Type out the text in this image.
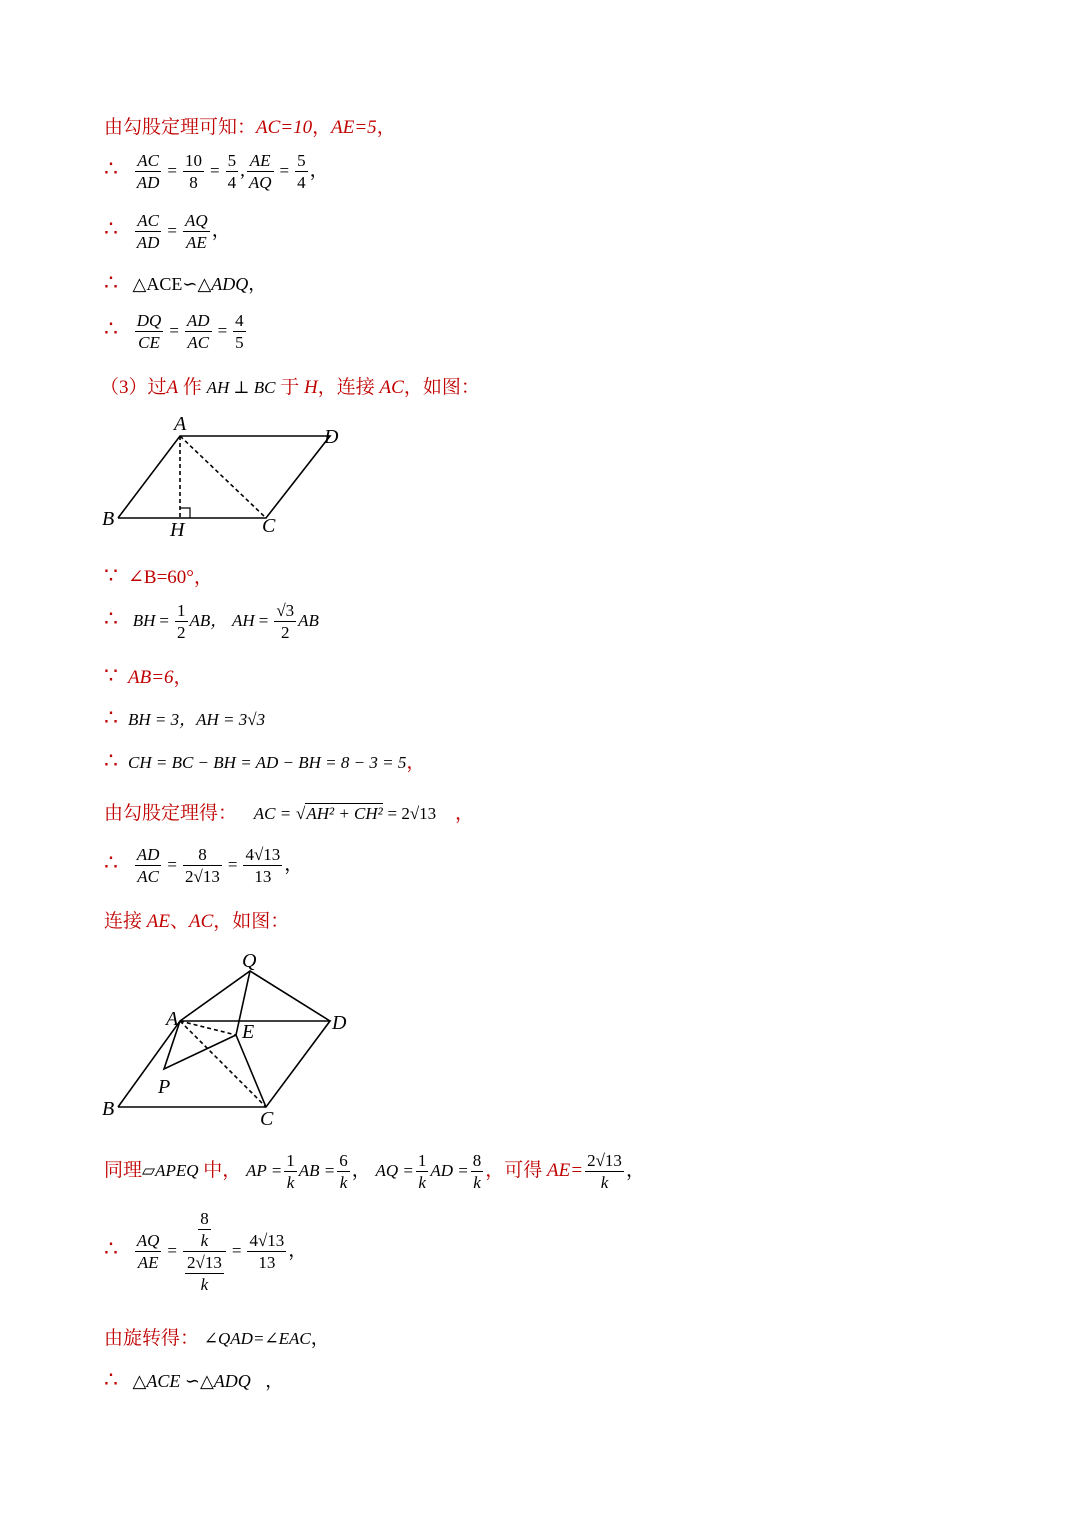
由勾股定理可知：AC=10，AE=5，
∴ $\frac{AC}{AD} = \frac{10}{8} = \frac{5}{4}$ , $\frac{AE}{AQ} = \frac{5}{4}$ ，
∴ $\frac{AC}{AD} = \frac{AQ}{AE}$ ，
∴ △ACE∽△ADQ，
∴ $\frac{DQ}{CE} = \frac{AD}{AC} = \frac{4}{5}$
（3）过A 作 AH ⊥ BC 于 H，连接 AC，如图：
A
B	C
D
H
∵ ∠B=60°，
∴ BH = $\frac{1}{2}$ AB， AH = $\frac{√3}{2}$ AB
∵ AB=6，
∴ BH = 3，AH = 3√3
∴ CH = BC − BH = AD − BH = 8 − 3 = 5，
由勾股定理得： AC = √AH² + CH² = 2√13 ，
∴ $\frac{AD}{AC} = \frac{8}{2√13} = \frac{4√13}{13}$ ，
连接 AE、AC，如图：
Q
A	D
E
P
B	C
同理▱APEQ 中， AP = $\frac{1}{k}$ AB = $\frac{6}{k}$ ， AQ = $\frac{1}{k}$ AD = $\frac{8}{k}$ ，可得 $AE= \frac{2√13}{k}$ ，
∴ $\frac{AQ}{AE} = \frac{\frac{8}{k}}{\frac{2√13}{k}} = \frac{4√13}{13}$ ，
由旋转得： ∠QAD=∠EAC，
∴ △ACE ∽△ADQ ，
